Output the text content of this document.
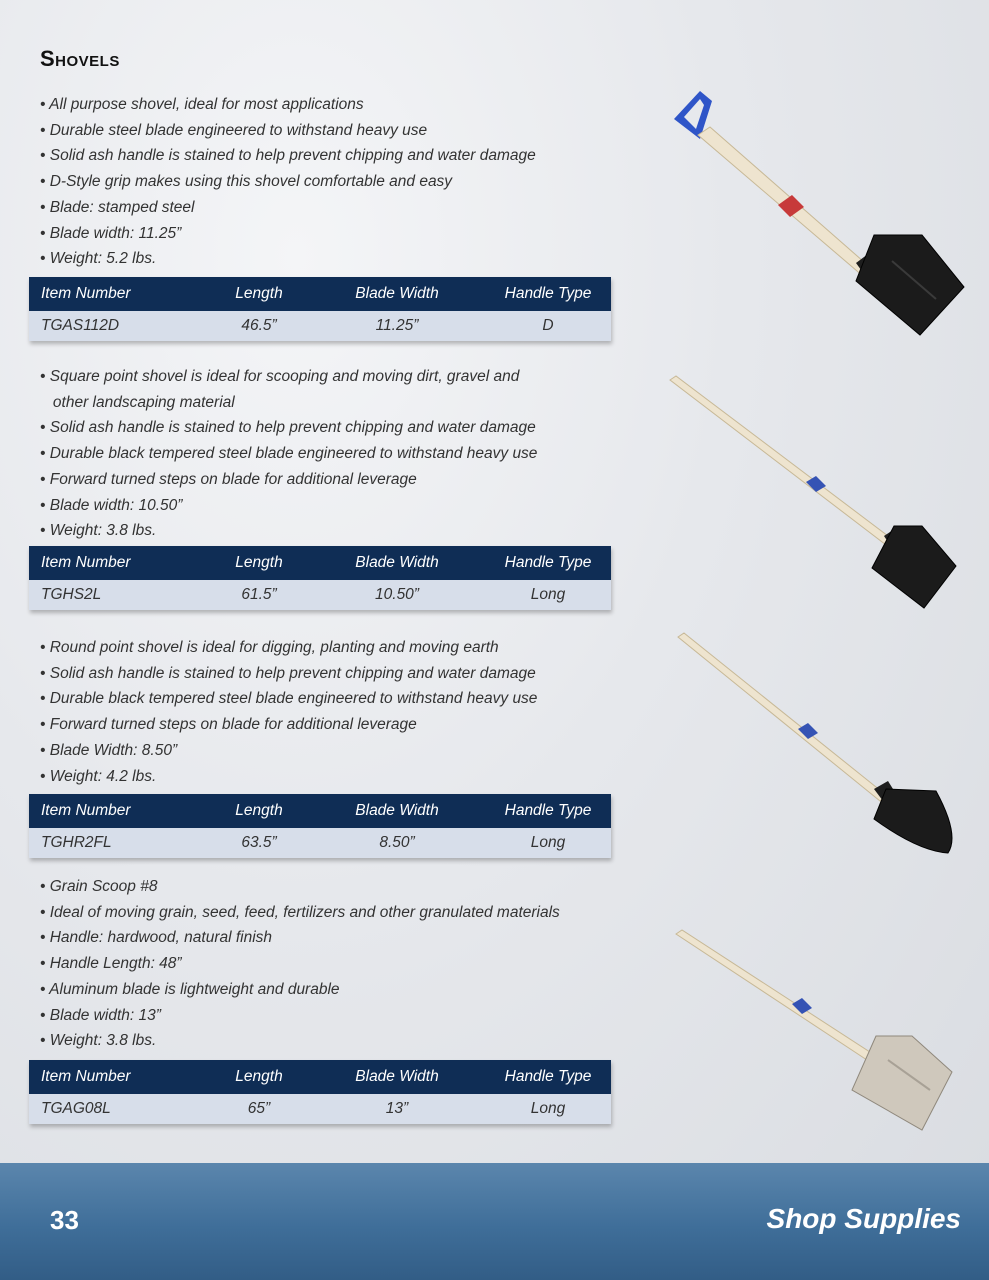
Shovels
• All purpose shovel, ideal for most applications
• Durable steel blade engineered to withstand heavy use
• Solid ash handle is stained to help prevent chipping and water damage
• D-Style grip makes using this shovel comfortable and easy
• Blade: stamped steel
• Blade width: 11.25”
• Weight: 5.2 lbs.
Item Number	Length	Blade Width	Handle Type
TGAS112D	46.5”	11.25”	D
• Square point shovel is ideal for scooping and moving dirt, gravel and
other landscaping material
• Solid ash handle is stained to help prevent chipping and water damage
• Durable black tempered steel blade engineered to withstand heavy use
• Forward turned steps on blade for additional leverage
• Blade width: 10.50”
• Weight: 3.8 lbs.
Item Number	Length	Blade Width	Handle Type
TGHS2L	61.5”	10.50”	Long
• Round point shovel is ideal for digging, planting and moving earth
• Solid ash handle is stained to help prevent chipping and water damage
• Durable black tempered steel blade engineered to withstand heavy use
• Forward turned steps on blade for additional leverage
• Blade Width: 8.50”
• Weight: 4.2 lbs.
Item Number	Length	Blade Width	Handle Type
TGHR2FL	63.5”	8.50”	Long
• Grain Scoop #8
• Ideal of moving grain, seed, feed, fertilizers and other granulated materials
• Handle: hardwood, natural finish
• Handle Length: 48”
• Aluminum blade is lightweight and durable
• Blade width: 13”
• Weight: 3.8 lbs.
Item Number	Length	Blade Width	Handle Type
TGAG08L	65”	13”	Long
33	Shop Supplies
